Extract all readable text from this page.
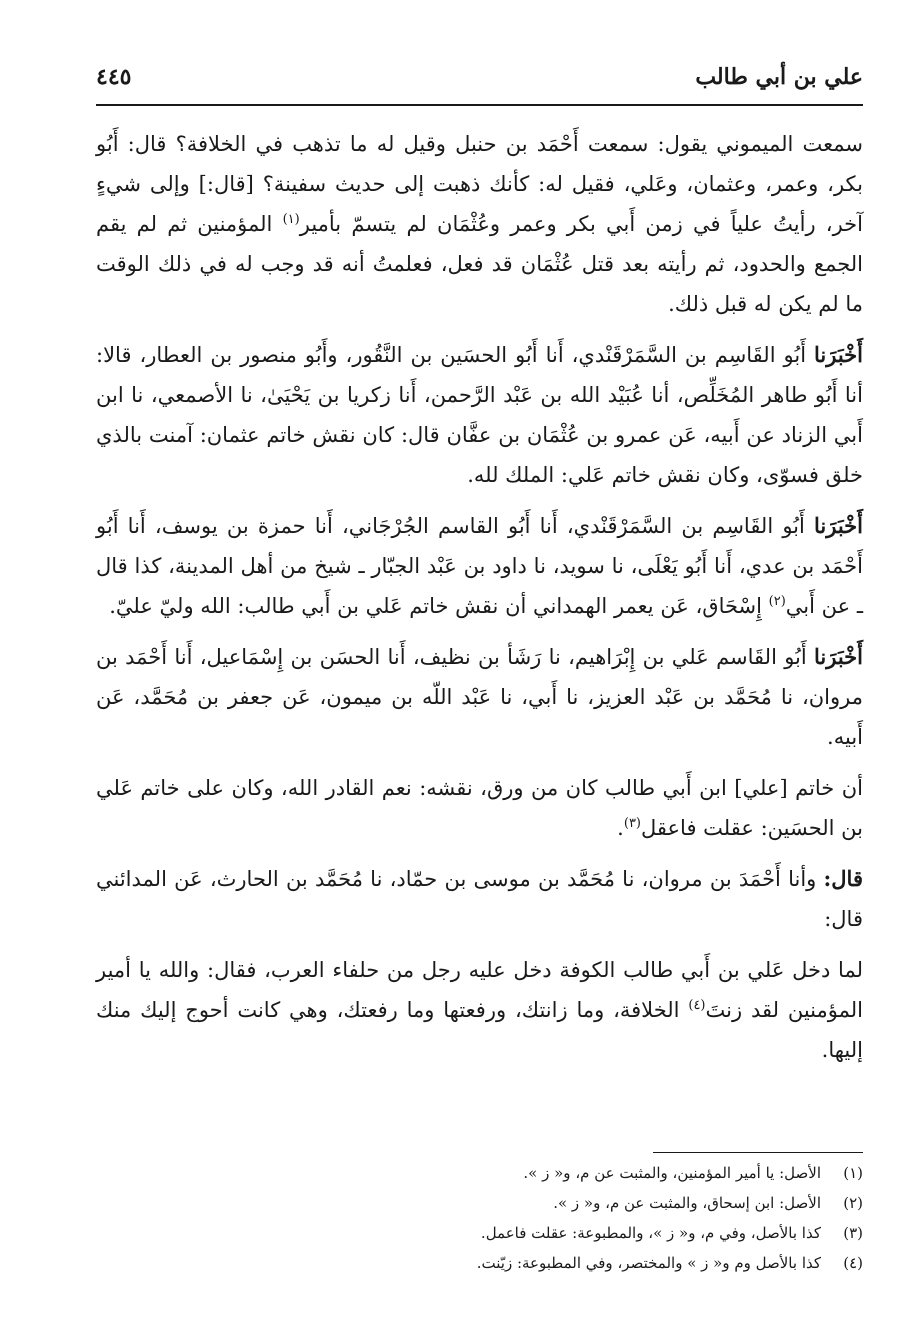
علي بن أبي طالب
٤٤٥

سمعت الميموني يقول: سمعت أَحْمَد بن حنبل وقيل له ما تذهب في الخلافة؟ قال: أَبُو بكر، وعمر، وعثمان، وعَلي، فقيل له: كأنك ذهبت إلى حديث سفينة؟ [قال:] وإلى شيءٍ آخر، رأيتُ علياً في زمن أَبي بكر وعمر وعُثْمَان لم يتسمّ بأمير$^{(١)}$ المؤمنين ثم لم يقم الجمع والحدود، ثم رأيته بعد قتل عُثْمَان قد فعل، فعلمتُ أنه قد وجب له في ذلك الوقت ما لم يكن له قبل ذلك.

أَخْبَرَنا أَبُو القَاسِم بن السَّمَرْقَنْدي، أَنا أَبُو الحسَين بن النَّقُور، وأَبُو منصور بن العطار، قالا: أنا أَبُو طاهر المُخَلِّص، أنا عُبَيْد الله بن عَبْد الرَّحمن، أَنا زكريا بن يَحْيَىٰ، نا الأصمعي، نا ابن أَبي الزناد عن أَبيه، عَن عمرو بن عُثْمَان بن عفَّان قال: كان نقش خاتم عثمان: آمنت بالذي خلق فسوّى، وكان نقش خاتم عَلي: الملك لله.

أَخْبَرَنا أَبُو القَاسِم بن السَّمَرْقَنْدي، أَنا أَبُو القاسم الجُرْجَاني، أَنا حمزة بن يوسف، أَنا أَبُو أَحْمَد بن عدي، أَنا أَبُو يَعْلَى، نا سويد، نا داود بن عَبْد الجبّار ـ شيخ من أهل المدينة، كذا قال ـ عن أَبي$^{(٢)}$ إِسْحَاق، عَن يعمر الهمداني أن نقش خاتم عَلي بن أَبي طالب: الله وليّ عليّ.

أَخْبَرَنا أَبُو القَاسم عَلي بن إِبْرَاهيم، نا رَشَأ بن نظيف، أَنا الحسَن بن إِسْمَاعيل، أَنا أَحْمَد بن مروان، نا مُحَمَّد بن عَبْد العزيز، نا أَبي، نا عَبْد اللّه بن ميمون، عَن جعفر بن مُحَمَّد، عَن أَبيه.

أن خاتم [علي] ابن أَبي طالب كان من ورق، نقشه: نعم القادر الله، وكان على خاتم عَلي بن الحسَين: عقلت فاعقل$^{(٣)}$.

قال: وأنا أَحْمَدَ بن مروان، نا مُحَمَّد بن موسى بن حمّاد، نا مُحَمَّد بن الحارث، عَن المدائني قال:

لما دخل عَلي بن أَبي طالب الكوفة دخل عليه رجل من حلفاء العرب، فقال: والله يا أمير المؤمنين لقد زنتَ$^{(٤)}$ الخلافة، وما زانتك، ورفعتها وما رفعتك، وهي كانت أحوج إليك منك إليها.

(١)
الأصل: يا أمير المؤمنين، والمثبت عن م، و« ز ».
(٢)
الأصل: ابن إسحاق، والمثبت عن م، و« ز ».
(٣)
كذا بالأصل، وفي م، و« ز »، والمطبوعة: عقلت فاعمل.
(٤)
كذا بالأصل وم و« ز » والمختصر، وفي المطبوعة: زيّنت.
